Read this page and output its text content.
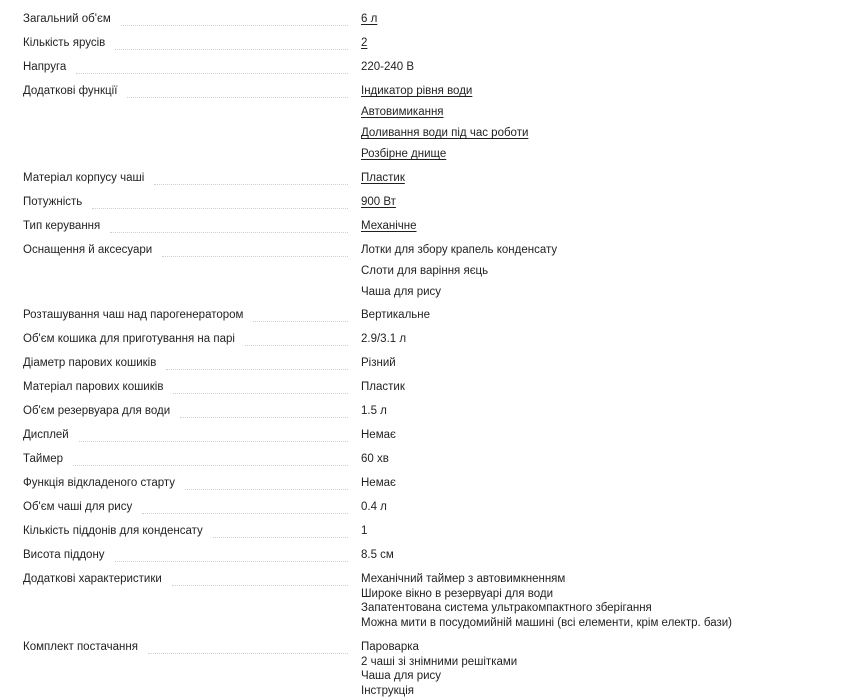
Загальний об'єм	6 л
Кількість ярусів	2
Напруга	220-240 В
Додаткові функції	Індикатор рівня води
Автовимикання
Доливання води під час роботи
Розбірне днище
Матеріал корпусу чаші	Пластик
Потужність	900 Вт
Тип керування	Механічне
Оснащення й аксесуари	Лотки для збору крапель конденсату
Слоти для варіння яєць
Чаша для рису
Розташування чаш над парогенератором	Вертикальне
Об'єм кошика для приготування на парі	2.9/3.1 л
Діаметр парових кошиків	Різний
Матеріал парових кошиків	Пластик
Об'єм резервуара для води	1.5 л
Дисплей	Немає
Таймер	60 хв
Функція відкладеного старту	Немає
Об'єм чаші для рису	0.4 л
Кількість піддонів для конденсату	1
Висота піддону	8.5 см
Додаткові характеристики	Механічний таймер з автовимкненням
Широке вікно в резервуарі для води
Запатентована система ультракомпактного зберігання
Можна мити в посудомийній машині (всі елементи, крім електр. бази)
Комплект постачання	Пароварка
2 чаші зі знімними решітками
Чаша для рису
Інструкція
